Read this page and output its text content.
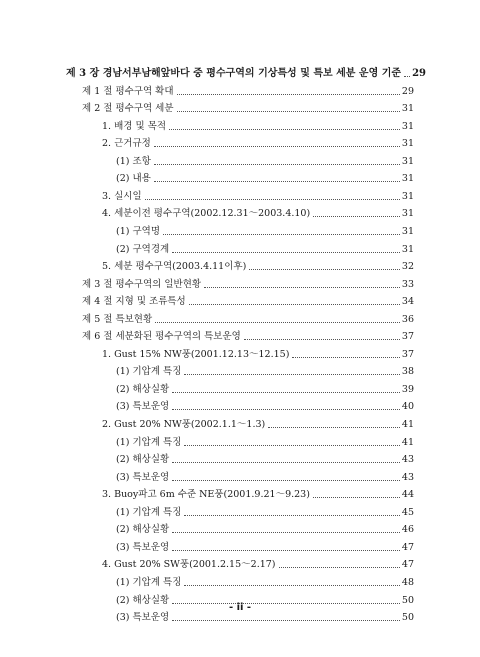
제 3 장 경남서부남해앞바다 중 평수구역의 기상특성 및 특보 세분 운영 기준 29
제 1 절 평수구역 확대	29
제 2 절 평수구역 세분	31
1. 배경 및 목적	31
2. 근거규정	31
(1) 조항	31
(2) 내용	31
3. 실시일	31
4. 세분이전 평수구역(2002.12.31～2003.4.10)	31
(1) 구역명	31
(2) 구역경계	31
5. 세분 평수구역(2003.4.11이후)	32
제 3 절 평수구역의 일반현황	33
제 4 절 지형 및 조류특성	34
제 5 절 특보현황	36
제 6 절 세분화된 평수구역의 특보운영	37
1. Gust 15% NW풍(2001.12.13～12.15)	37
(1) 기압계 특징	38
(2) 해상실황	39
(3) 특보운영	40
2. Gust 20% NW풍(2002.1.1～1.3)	41
(1) 기압계 특징	41
(2) 해상실황	43
(3) 특보운영	43
3. Buoy파고 6m 수준 NE풍(2001.9.21～9.23)	44
(1) 기압계 특징	45
(2) 해상실황	46
(3) 특보운영	47
4. Gust 20% SW풍(2001.2.15～2.17)	47
(1) 기압계 특징	48
(2) 해상실황	50
(3) 특보운영	50
- ii -
